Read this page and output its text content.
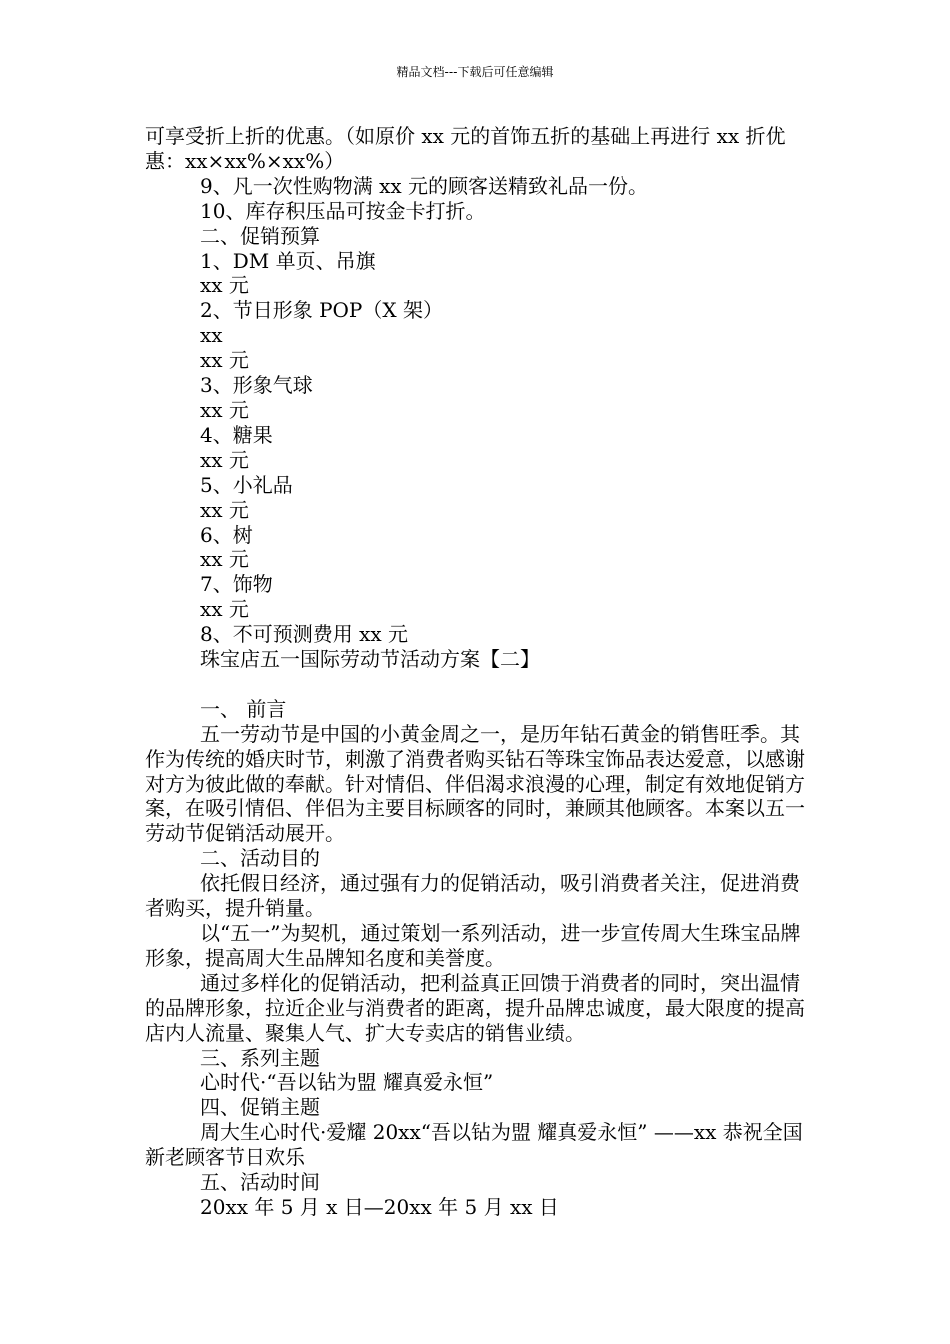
精品文档---下载后可任意编辑

可享受折上折的优惠。（如原价 xx 元的首饰五折的基础上再进行 xx 折优惠：xx×xx%×xx%）

9、凡一次性购物满 xx 元的顾客送精致礼品一份。

10、库存积压品可按金卡打折。

二、促销预算

1、DM 单页、吊旗

xx 元

2、节日形象 POP（X 架）

xx

xx 元

3、形象气球

xx 元

4、糖果

xx 元

5、小礼品

xx 元

6、树

xx 元

7、饰物

xx 元

8、不可预测费用 xx 元

珠宝店五一国际劳动节活动方案【二】

一、 前言

五一劳动节是中国的小黄金周之一，是历年钻石黄金的销售旺季。其作为传统的婚庆时节，刺激了消费者购买钻石等珠宝饰品表达爱意，以感谢对方为彼此做的奉献。针对情侣、伴侣渴求浪漫的心理，制定有效地促销方案，在吸引情侣、伴侣为主要目标顾客的同时，兼顾其他顾客。本案以五一劳动节促销活动展开。

二、活动目的

依托假日经济，通过强有力的促销活动，吸引消费者关注，促进消费者购买，提升销量。

以“五一”为契机，通过策划一系列活动，进一步宣传周大生珠宝品牌形象，提高周大生品牌知名度和美誉度。

通过多样化的促销活动，把利益真正回馈于消费者的同时，突出温情的品牌形象，拉近企业与消费者的距离，提升品牌忠诚度，最大限度的提高店内人流量、聚集人气、扩大专卖店的销售业绩。

三、系列主题

心时代·“吾以钻为盟 耀真爱永恒”

四、促销主题

周大生心时代·爱耀 20xx“吾以钻为盟 耀真爱永恒” ——xx 恭祝全国新老顾客节日欢乐

五、活动时间

20xx 年 5 月 x 日—20xx 年 5 月 xx 日
